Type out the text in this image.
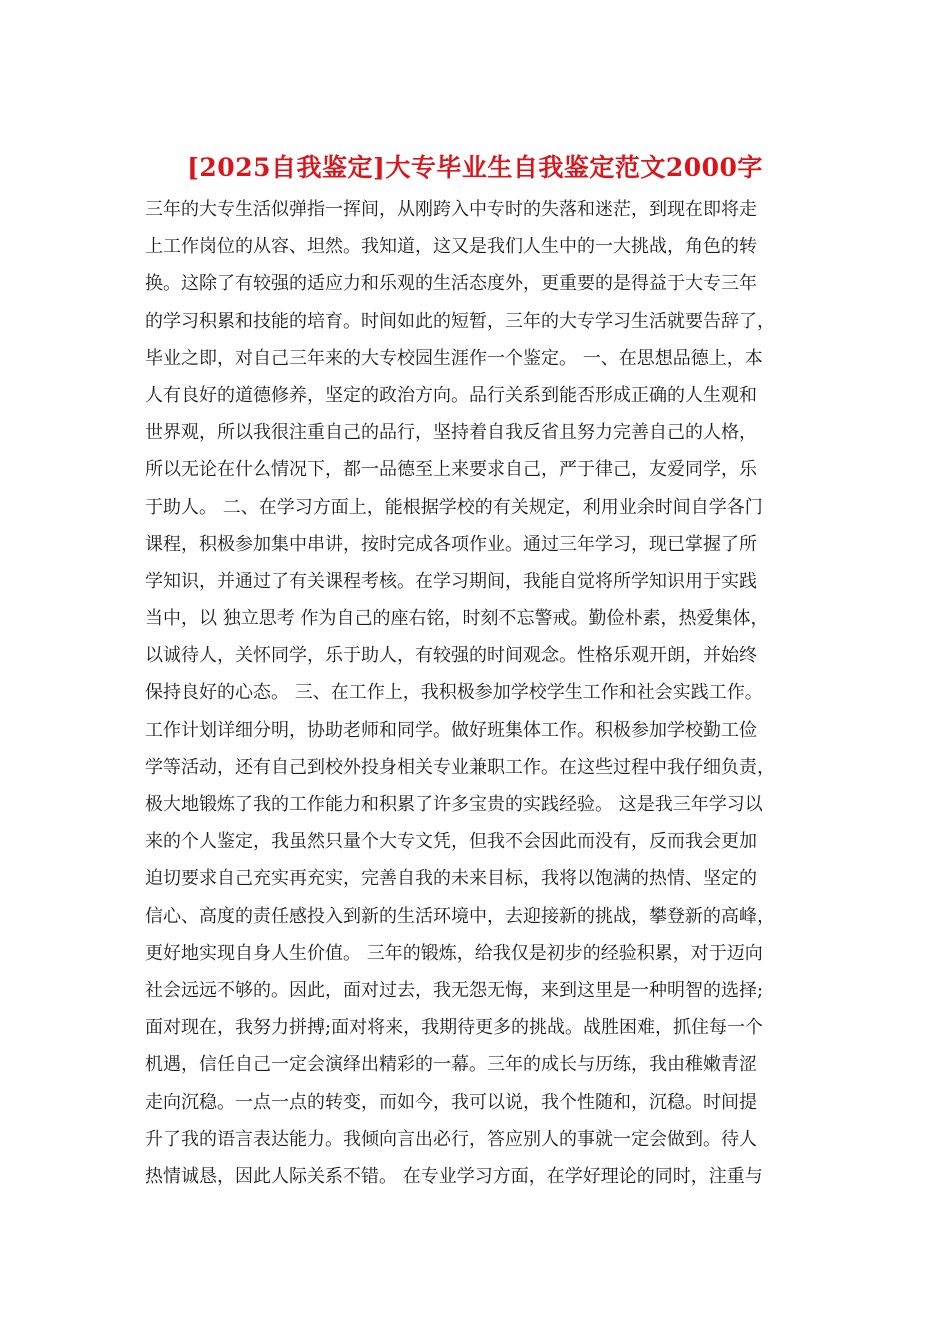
[2025自我鉴定]大专毕业生自我鉴定范文2000字
三年的大专生活似弹指一挥间，从刚跨入中专时的失落和迷茫，到现在即将走
上工作岗位的从容、坦然。我知道，这又是我们人生中的一大挑战，角色的转
换。这除了有较强的适应力和乐观的生活态度外，更重要的是得益于大专三年
的学习积累和技能的培育。时间如此的短暂，三年的大专学习生活就要告辞了，
毕业之即，对自己三年来的大专校园生涯作一个鉴定。 一、在思想品德上，本
人有良好的道德修养，坚定的政治方向。品行关系到能否形成正确的人生观和
世界观，所以我很注重自己的品行，坚持着自我反省且努力完善自己的人格，
所以无论在什么情况下，都一品德至上来要求自己，严于律己，友爱同学，乐
于助人。 二、在学习方面上，能根据学校的有关规定，利用业余时间自学各门
课程，积极参加集中串讲，按时完成各项作业。通过三年学习，现已掌握了所
学知识，并通过了有关课程考核。在学习期间，我能自觉将所学知识用于实践
当中，以 独立思考 作为自己的座右铭，时刻不忘警戒。勤俭朴素，热爱集体，
以诚待人，关怀同学，乐于助人，有较强的时间观念。性格乐观开朗，并始终
保持良好的心态。 三、在工作上，我积极参加学校学生工作和社会实践工作。
工作计划详细分明，协助老师和同学。做好班集体工作。积极参加学校勤工俭
学等活动，还有自己到校外投身相关专业兼职工作。在这些过程中我仔细负责，
极大地锻炼了我的工作能力和积累了许多宝贵的实践经验。 这是我三年学习以
来的个人鉴定，我虽然只量个大专文凭，但我不会因此而没有，反而我会更加
迫切要求自己充实再充实，完善自我的未来目标，我将以饱满的热情、坚定的
信心、高度的责任感投入到新的生活环境中，去迎接新的挑战，攀登新的高峰，
更好地实现自身人生价值。 三年的锻炼，给我仅是初步的经验积累，对于迈向
社会远远不够的。因此，面对过去，我无怨无悔，来到这里是一种明智的选择;
面对现在，我努力拼搏;面对将来，我期待更多的挑战。战胜困难，抓住每一个
机遇，信任自己一定会演绎出精彩的一幕。三年的成长与历练，我由稚嫩青涩
走向沉稳。一点一点的转变，而如今，我可以说，我个性随和，沉稳。时间提
升了我的语言表达能力。我倾向言出必行，答应别人的事就一定会做到。待人
热情诚恳，因此人际关系不错。 在专业学习方面，在学好理论的同时，注重与
